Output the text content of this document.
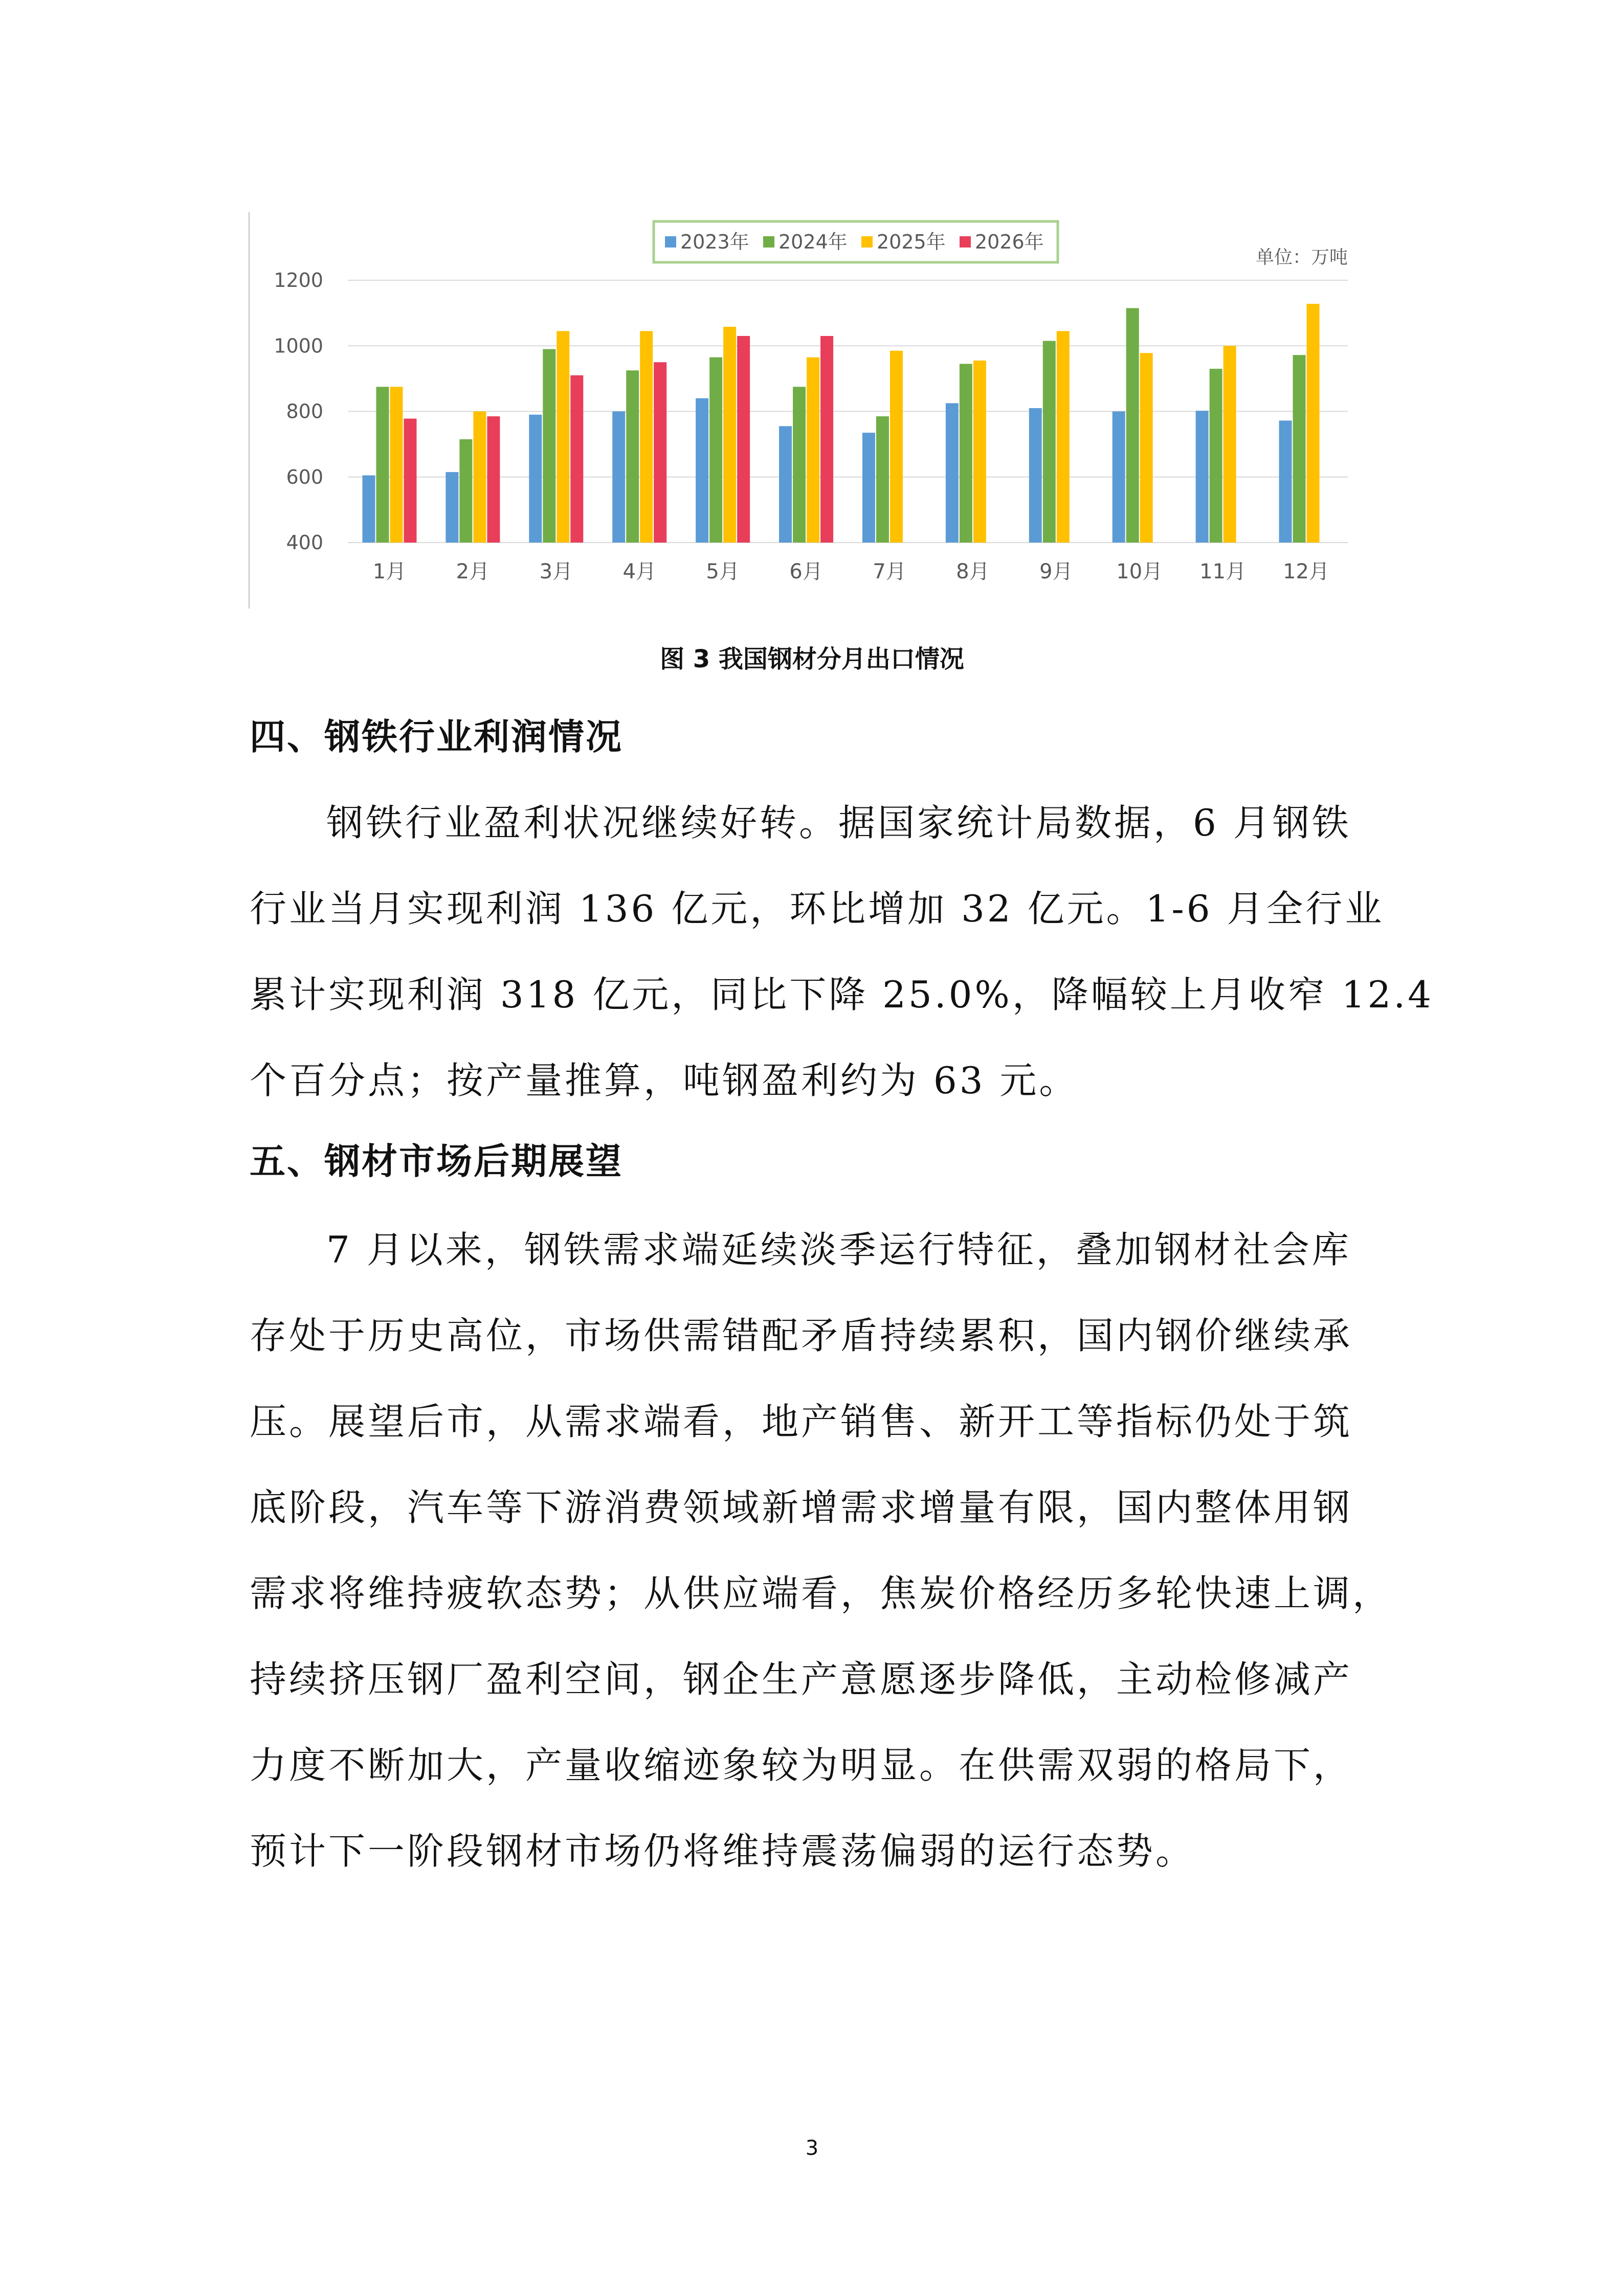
400
600
800
1000
1200
1月 2月 3月 4月 5月 6月 7月 8月 9月 10月 11月 12月
2023年 2024年 2025年 2026年
单位：万吨
图 3 我国钢材分月出口情况
四、钢铁行业利润情况
钢铁行业盈利状况继续好转。据国家统计局数据，6 月钢铁
行业当月实现利润 136 亿元，环比增加 32 亿元。1-6 月全行业
累计实现利润 318 亿元，同比下降 25.0%，降幅较上月收窄 12.4
个百分点；按产量推算，吨钢盈利约为 63 元。
五、钢材市场后期展望
7 月以来，钢铁需求端延续淡季运行特征，叠加钢材社会库
存处于历史高位，市场供需错配矛盾持续累积，国内钢价继续承
压。展望后市，从需求端看，地产销售、新开工等指标仍处于筑
底阶段，汽车等下游消费领域新增需求增量有限，国内整体用钢
需求将维持疲软态势；从供应端看，焦炭价格经历多轮快速上调，
持续挤压钢厂盈利空间，钢企生产意愿逐步降低，主动检修减产
力度不断加大，产量收缩迹象较为明显。在供需双弱的格局下，
预计下一阶段钢材市场仍将维持震荡偏弱的运行态势。
3
